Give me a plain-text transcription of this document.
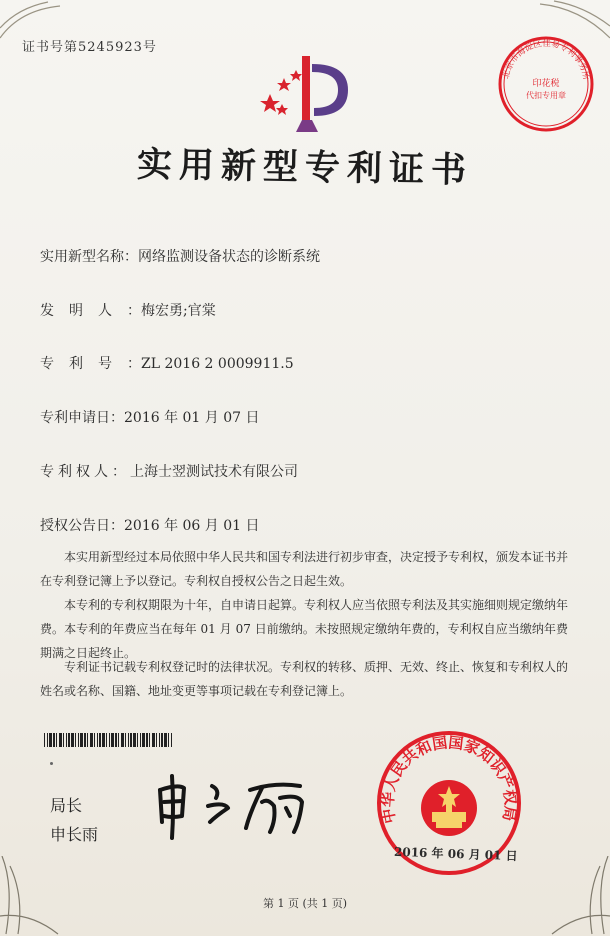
证书号第5245923号
北京市海淀区佳易专利事务所
印花税
代扣专用章
实用新型专利证书
实用新型名称：网络监测设备状态的诊断系统
发明人：梅宏勇;官棠
专利号：ZL 2016 2 0009911.5
专利申请日：2016 年 01 月 07 日
专利权人：上海士翌测试技术有限公司
授权公告日：2016 年 06 月 01 日

本实用新型经过本局依照中华人民共和国专利法进行初步审查，决定授予专利权，颁发本证书并在专利登记簿上予以登记。专利权自授权公告之日起生效。

本专利的专利权期限为十年，自申请日起算。专利权人应当依照专利法及其实施细则规定缴纳年费。本专利的年费应当在每年 01 月 07 日前缴纳。未按照规定缴纳年费的，专利权自应当缴纳年费期满之日起终止。

专利证书记载专利权登记时的法律状况。专利权的转移、质押、无效、终止、恢复和专利权人的姓名或名称、国籍、地址变更等事项记载在专利登记簿上。

局长
申长雨
中华人民共和国国家知识产权局
2016 年 06 月 01 日
第 1 页 (共 1 页)
